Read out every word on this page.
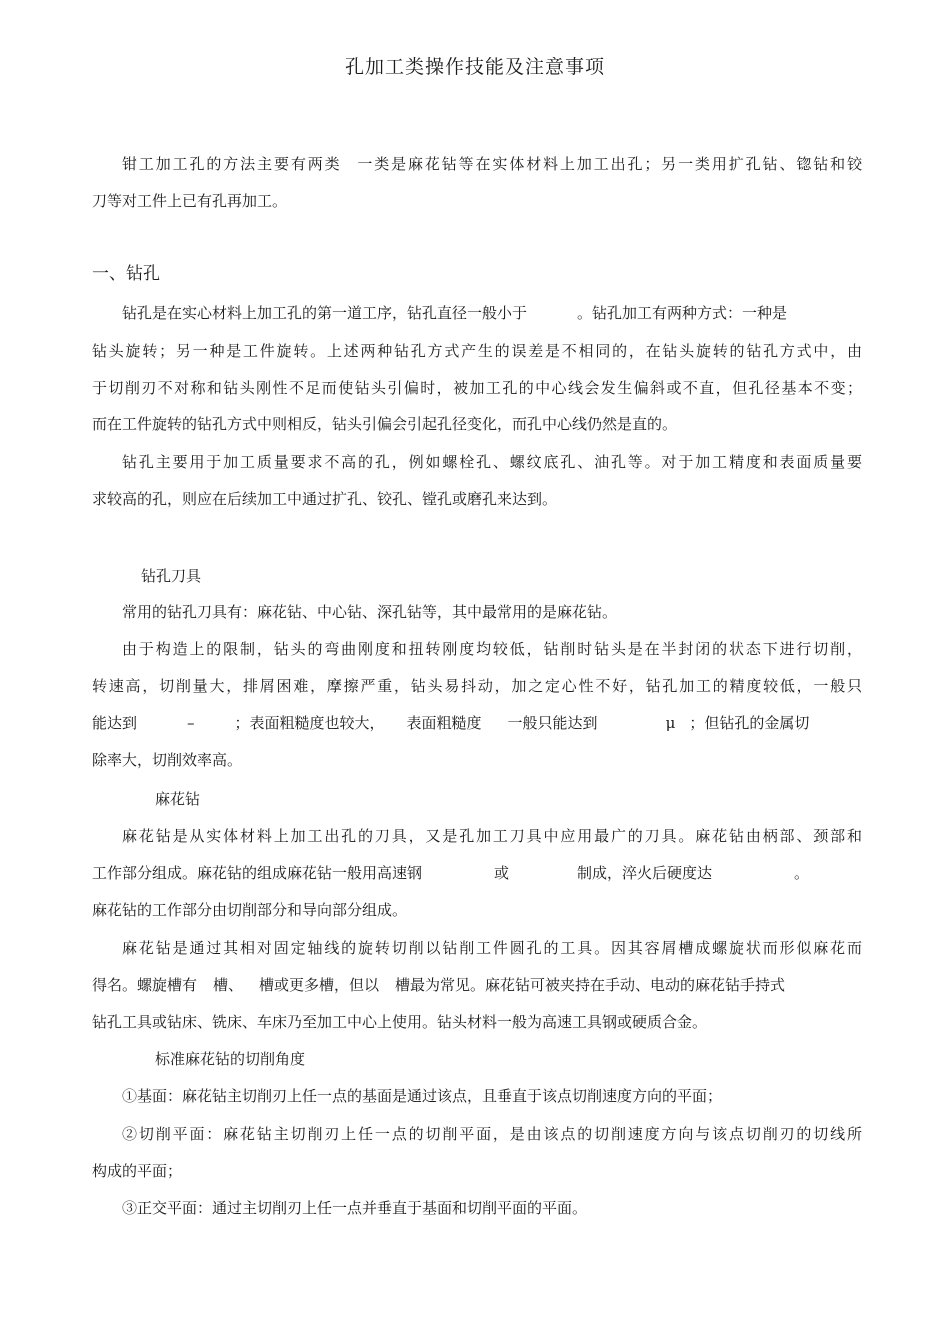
孔加工类操作技能及注意事项
钳工加工孔的方法主要有两类 一类是麻花钻等在实体材料上加工出孔；另一类用扩孔钻、锪钻和铰
刀等对工件上已有孔再加工。
一、钻孔
钻孔是在实心材料上加工孔的第一道工序，钻孔直径一般小于	。钻孔加工有两种方式：一种是
钻头旋转；另一种是工件旋转。上述两种钻孔方式产生的误差是不相同的，在钻头旋转的钻孔方式中，由
于切削刃不对称和钻头刚性不足而使钻头引偏时，被加工孔的中心线会发生偏斜或不直，但孔径基本不变；
而在工件旋转的钻孔方式中则相反，钻头引偏会引起孔径变化，而孔中心线仍然是直的。
钻孔主要用于加工质量要求不高的孔，例如螺栓孔、螺纹底孔、油孔等。对于加工精度和表面质量要
求较高的孔，则应在后续加工中通过扩孔、铰孔、镗孔或磨孔来达到。
钻孔刀具
常用的钻孔刀具有：麻花钻、中心钻、深孔钻等，其中最常用的是麻花钻。
由于构造上的限制，钻头的弯曲刚度和扭转刚度均较低，钻削时钻头是在半封闭的状态下进行切削，
转速高，切削量大，排屑困难，摩擦严重，钻头易抖动，加之定心性不好，钻孔加工的精度较低，一般只
能达到	–	；表面粗糙度也较大， 表面粗糙度 一般只能达到	μ ；但钻孔的金属切
除率大，切削效率高。
麻花钻
麻花钻是从实体材料上加工出孔的刀具，又是孔加工刀具中应用最广的刀具。麻花钻由柄部、颈部和
工作部分组成。麻花钻的组成麻花钻一般用高速钢	或	制成，淬火后硬度达	。
麻花钻的工作部分由切削部分和导向部分组成。
麻花钻是通过其相对固定轴线的旋转切削以钻削工件圆孔的工具。因其容屑槽成螺旋状而形似麻花而
得名。螺旋槽有 槽、 槽或更多槽，但以 槽最为常见。麻花钻可被夹持在手动、电动的麻花钻手持式
钻孔工具或钻床、铣床、车床乃至加工中心上使用。钻头材料一般为高速工具钢或硬质合金。
标准麻花钻的切削角度
①基面：麻花钻主切削刃上任一点的基面是通过该点，且垂直于该点切削速度方向的平面；
②切削平面：麻花钻主切削刃上任一点的切削平面，是由该点的切削速度方向与该点切削刃的切线所
构成的平面；
③正交平面：通过主切削刃上任一点并垂直于基面和切削平面的平面。
